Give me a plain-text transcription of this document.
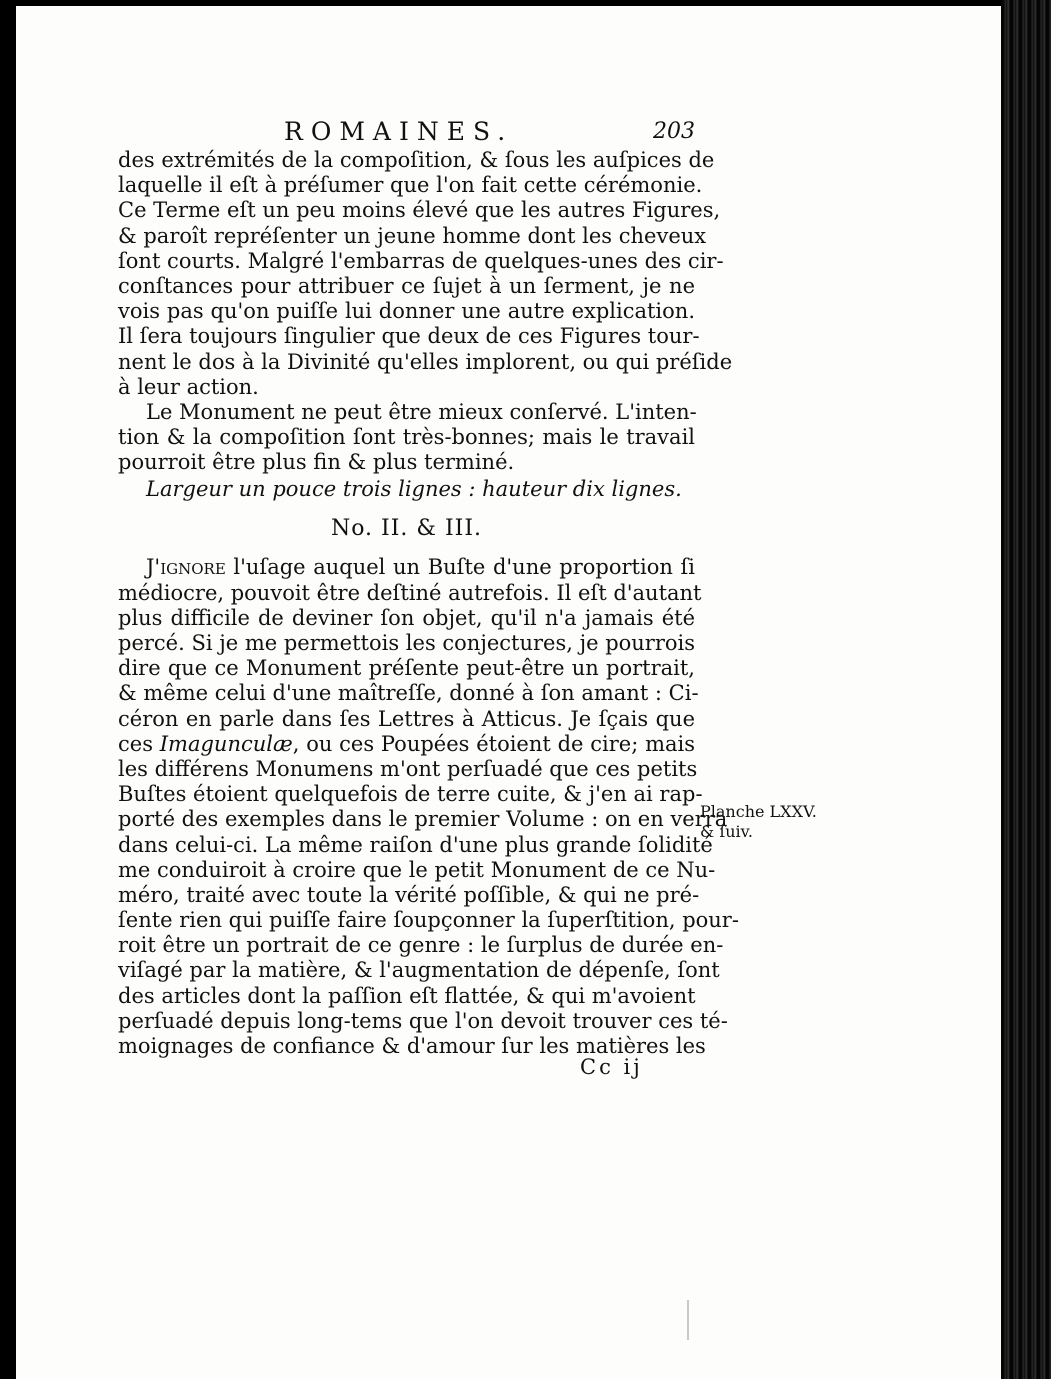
ROMAINES.	203
des extrémités de la compoſition, & ſous les auſpices de
laquelle il eſt à préſumer que l'on fait cette cérémonie.
Ce Terme eſt un peu moins élevé que les autres Figures,
& paroît repréſenter un jeune homme dont les cheveux
ſont courts. Malgré l'embarras de quelques-unes des cir-
conſtances pour attribuer ce ſujet à un ſerment, je ne
vois pas qu'on puiſſe lui donner une autre explication.
Il ſera toujours ſingulier que deux de ces Figures tour-
nent le dos à la Divinité qu'elles implorent, ou qui préſide
à leur action.
Le Monument ne peut être mieux conſervé. L'inten-
tion & la compoſition ſont très-bonnes; mais le travail
pourroit être plus fin & plus terminé.
Largeur un pouce trois lignes : hauteur dix lignes.
No. II. & III.
J'ignore l'uſage auquel un Buſte d'une proportion ſi
médiocre, pouvoit être deſtiné autrefois. Il eſt d'autant
plus difficile de deviner ſon objet, qu'il n'a jamais été
percé. Si je me permettois les conjectures, je pourrois
dire que ce Monument préſente peut-être un portrait,
& même celui d'une maîtreſſe, donné à ſon amant : Ci-
céron en parle dans ſes Lettres à Atticus. Je ſçais que
ces Imagunculæ, ou ces Poupées étoient de cire; mais
les différens Monumens m'ont perſuadé que ces petits
Buſtes étoient quelquefois de terre cuite, & j'en ai rap-
porté des exemples dans le premier Volume : on en verra
dans celui-ci. La même raiſon d'une plus grande ſolidité
me conduiroit à croire que le petit Monument de ce Nu-
méro, traité avec toute la vérité poſſible, & qui ne pré-
ſente rien qui puiſſe faire ſoupçonner la ſuperſtition, pour-
roit être un portrait de ce genre : le ſurplus de durée en-
viſagé par la matière, & l'augmentation de dépenſe, ſont
des articles dont la paſſion eſt flattée, & qui m'avoient
perſuadé depuis long-tems que l'on devoit trouver ces té-
moignages de confiance & d'amour ſur les matières les
Planche LXXV.
& ſuiv.
Cc ij
